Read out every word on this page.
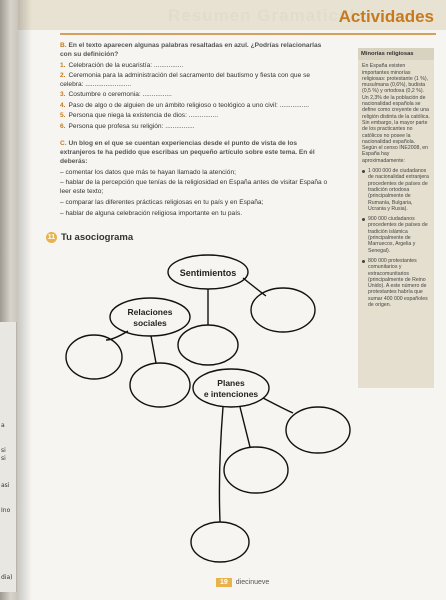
a
si
si
asi
Ino
dia)
Resumen Gramatical
Actividades
B. En el texto aparecen algunas palabras resaltadas en azul. ¿Podrías relacionarlas con su definición?
1. Celebración de la eucaristía: ................
2. Ceremonia para la administración del sacramento del bautismo y fiesta con que se celebra: .........................
3. Costumbre o ceremonia: ................
4. Paso de algo o de alguien de un ámbito religioso o teológico a uno civil: ................
5. Persona que niega la existencia de dios: ................
6. Persona que profesa su religión: ................
C. Un blog en el que se cuentan experiencias desde el punto de vista de los extranjeros te ha pedido que escribas un pequeño artículo sobre este tema. En él deberás:
– comentar los datos que más te hayan llamado la atención;
– hablar de la percepción que tenías de la religiosidad en España antes de visitar España o leer este texto;
– comparar las diferentes prácticas religiosas en tu país y en España;
– hablar de alguna celebración religiosa importante en tu país.
11 Tu asociograma
Sentimientos
Relaciones
sociales
Planes
e intenciones
Minorías religiosas
En España existen importantes minorías religiosas: protestante (1 %), musulmana (0,6%), budista (0,5 %) y ortodoxa (0,2 %). Un 2,3% de la población de nacionalidad española se define como creyente de una religión distinta de la católica. Sin embargo, la mayor parte de los practicantes no católicos no posee la nacionalidad española. Según el censo INE2008, en España hay aproximadamente:
1 000 000 de ciudadanos de nacionalidad extranjera procedentes de países de tradición ortodoxa (principalmente de Rumanía, Bulgaria, Ucrania y Rusia).
900 000 ciudadanos procedentes de países de tradición islámica (principalmente de Marruecos, Argelia y Senegal).
800 000 protestantes comunitarios y extracomunitarios (principalmente de Reino Unido). A este número de protestantes habría que sumar 400 000 españoles de origen.
19 diecinueve
